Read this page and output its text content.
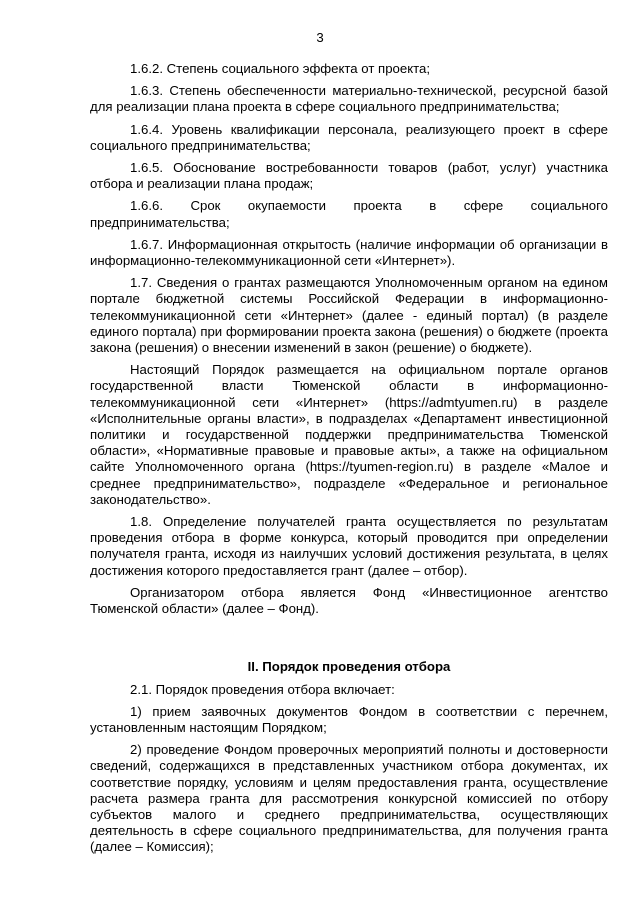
3

1.6.2. Степень социального эффекта от проекта;

1.6.3. Степень обеспеченности материально-технической, ресурсной базой для реализации плана проекта в сфере социального предпринимательства;

1.6.4. Уровень квалификации персонала, реализующего проект в сфере социального предпринимательства;

1.6.5. Обоснование востребованности товаров (работ, услуг) участника отбора и реализации плана продаж;

1.6.6. Срок окупаемости проекта в сфере социального предпринимательства;

1.6.7. Информационная открытость (наличие информации об организации в информационно-телекоммуникационной сети «Интернет»).

1.7. Сведения о грантах размещаются Уполномоченным органом на едином портале бюджетной системы Российской Федерации в информационно-телекоммуникационной сети «Интернет» (далее - единый портал) (в разделе единого портала) при формировании проекта закона (решения) о бюджете (проекта закона (решения) о внесении изменений в закон (решение) о бюджете).

Настоящий Порядок размещается на официальном портале органов государственной власти Тюменской области в информационно-телекоммуникационной сети «Интернет» (https://admtyumen.ru) в разделе «Исполнительные органы власти», в подразделах «Департамент инвестиционной политики и государственной поддержки предпринимательства Тюменской области», «Нормативные правовые и правовые акты», а также на официальном сайте Уполномоченного органа (https://tyumen-region.ru) в разделе «Малое и среднее предпринимательство», подразделе «Федеральное и региональное законодательство».

1.8. Определение получателей гранта осуществляется по результатам проведения отбора в форме конкурса, который проводится при определении получателя гранта, исходя из наилучших условий достижения результата, в целях достижения которого предоставляется грант (далее – отбор).

Организатором отбора является Фонд «Инвестиционное агентство Тюменской области» (далее – Фонд).

II. Порядок проведения отбора

2.1. Порядок проведения отбора включает:

1) прием заявочных документов Фондом в соответствии с перечнем, установленным настоящим Порядком;

2) проведение Фондом проверочных мероприятий полноты и достоверности сведений, содержащихся в представленных участником отбора документах, их соответствие порядку, условиям и целям предоставления гранта, осуществление расчета размера гранта для рассмотрения конкурсной комиссией по отбору субъектов малого и среднего предпринимательства, осуществляющих деятельность в сфере социального предпринимательства, для получения гранта (далее – Комиссия);
